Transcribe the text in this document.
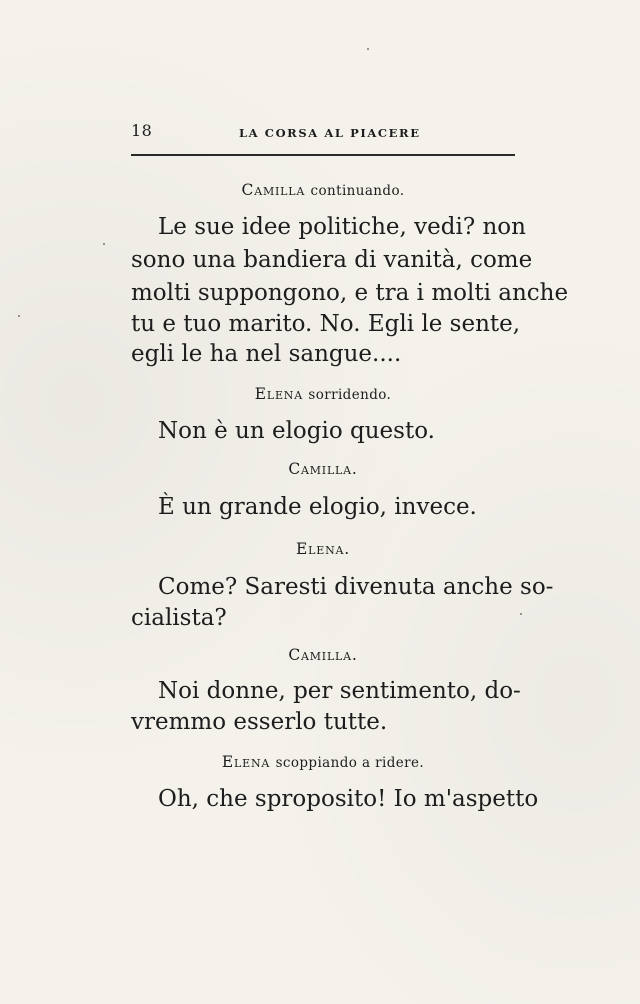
18	LA CORSA AL PIACERE
Camilla continuando.
Le sue idee politiche, vedi? non
sono una bandiera di vanità, come
molti suppongono, e tra i molti anche
tu e tuo marito. No. Egli le sente,
egli le ha nel sangue....
Elena sorridendo.
Non è un elogio questo.
Camilla.
È un grande elogio, invece.
Elena.
Come? Saresti divenuta anche so-
cialista?
Camilla.
Noi donne, per sentimento, do-
vremmo esserlo tutte.
Elena scoppiando a ridere.
Oh, che sproposito! Io m'aspetto
